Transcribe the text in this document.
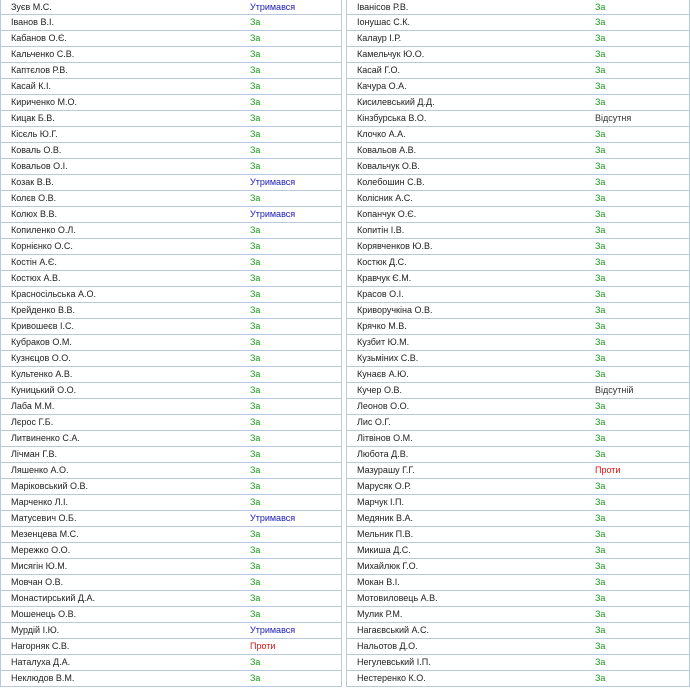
Зуєв М.С.	Утримався
Іванов В.І.	За
Кабанов О.Є.	За
Кальченко С.В.	За
Каптєлов Р.В.	За
Касай К.І.	За
Кириченко М.О.	За
Кицак Б.В.	За
Кісєль Ю.Г.	За
Коваль О.В.	За
Ковальов О.І.	За
Козак В.В.	Утримався
Колєв О.В.	За
Колюх В.В.	Утримався
Копиленко О.Л.	За
Корнієнко О.С.	За
Костін А.Є.	За
Костюх А.В.	За
Красносільська А.О.	За
Крейденко В.В.	За
Кривошеєв І.С.	За
Кубраков О.М.	За
Кузнєцов О.О.	За
Культенко А.В.	За
Куницький О.О.	За
Лаба М.М.	За
Лєрос Г.Б.	За
Литвиненко С.А.	За
Лічман Г.В.	За
Ляшенко А.О.	За
Маріковський О.В.	За
Марченко Л.І.	За
Матусевич О.Б.	Утримався
Мезенцева М.С.	За
Мережко О.О.	За
Мисягін Ю.М.	За
Мовчан О.В.	За
Монастирський Д.А.	За
Мошенець О.В.	За
Мурдій І.Ю.	Утримався
Нагорняк С.В.	Проти
Наталуха Д.А.	За
Неклюдов В.М.	За
Іванісов Р.В.	За
Іонушас С.К.	За
Калаур І.Р.	За
Камельчук Ю.О.	За
Касай Г.О.	За
Качура О.А.	За
Кисилевський Д.Д.	За
Кінзбурська В.О.	Відсутня
Клочко А.А.	За
Ковальов А.В.	За
Ковальчук О.В.	За
Колебошин С.В.	За
Колісник А.С.	За
Копанчук О.Є.	За
Копитін І.В.	За
Корявченков Ю.В.	За
Костюк Д.С.	За
Кравчук Є.М.	За
Красов О.І.	За
Криворучкіна О.В.	За
Крячко М.В.	За
Кузбит Ю.М.	За
Кузьміних С.В.	За
Кунаєв А.Ю.	За
Кучер О.В.	Відсутній
Леонов О.О.	За
Лис О.Г.	За
Літвінов О.М.	За
Любота Д.В.	За
Мазурашу Г.Г.	Проти
Марусяк О.Р.	За
Марчук І.П.	За
Медяник В.А.	За
Мельник П.В.	За
Микиша Д.С.	За
Михайлюк Г.О.	За
Мокан В.І.	За
Мотовиловець А.В.	За
Мулик Р.М.	За
Нагаєвський А.С.	За
Нальотов Д.О.	За
Негулевський І.П.	За
Нестеренко К.О.	За
